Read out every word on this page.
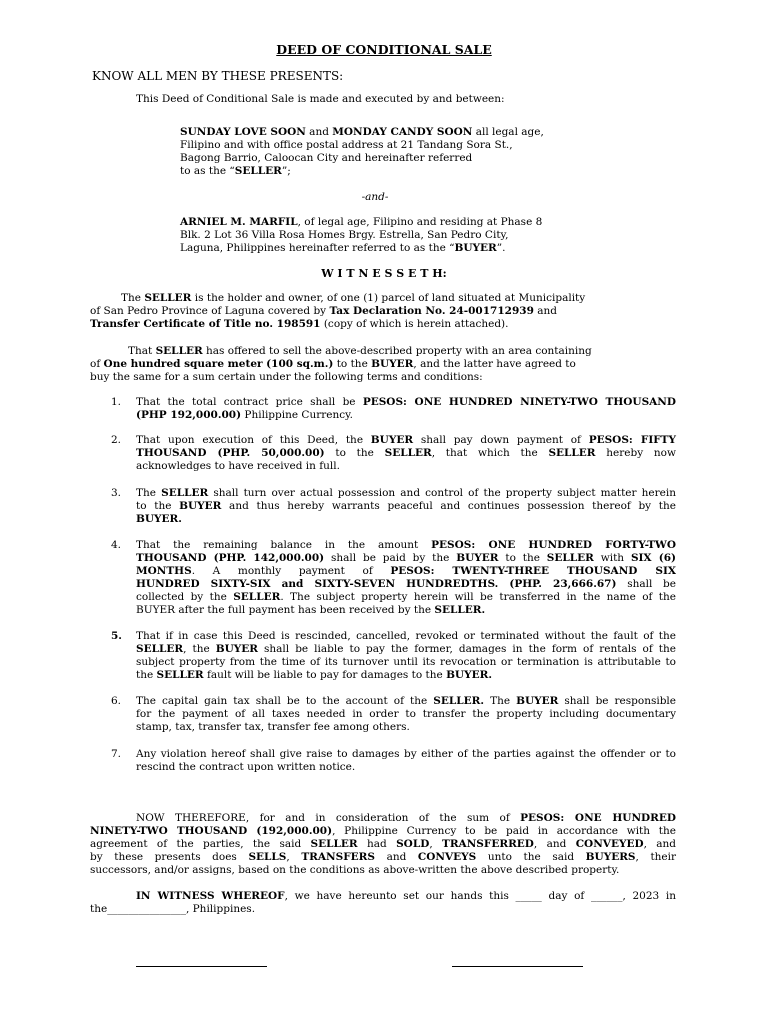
DEED OF CONDITIONAL SALE
KNOW ALL MEN BY THESE PRESENTS:
This Deed of Conditional Sale is made and executed by and between:
SUNDAY LOVE SOON and MONDAY CANDY SOON all legal age,
Filipino and with office postal address at 21 Tandang Sora St.,
Bagong Barrio, Caloocan City and hereinafter referred
to as the “SELLER”;
-and-
ARNIEL M. MARFIL, of legal age, Filipino and residing at Phase 8
Blk. 2 Lot 36 Villa Rosa Homes Brgy. Estrella, San Pedro City,
Laguna, Philippines hereinafter referred to as the “BUYER”.
W I T N E S S E T H:
The SELLER is the holder and owner, of one (1) parcel of land situated at Municipality
of San Pedro Province of Laguna covered by Tax Declaration No. 24-001712939 and
Transfer Certificate of Title no. 198591 (copy of which is herein attached).
That SELLER has offered to sell the above-described property with an area containing
of One hundred square meter (100 sq.m.) to the BUYER, and the latter have agreed to
buy the same for a sum certain under the following terms and conditions:
1. That the total contract price shall be PESOS: ONE HUNDRED NINETY-TWO THOUSAND
(PHP 192,000.00) Philippine Currency.
2. That upon execution of this Deed, the BUYER shall pay down payment of PESOS: FIFTY
THOUSAND (PHP. 50,000.00) to the SELLER, that which the SELLER hereby now
acknowledges to have received in full.
3. The SELLER shall turn over actual possession and control of the property subject matter herein
to the BUYER and thus hereby warrants peaceful and continues possession thereof by the
BUYER.
4. That the remaining balance in the amount PESOS: ONE HUNDRED FORTY-TWO
THOUSAND (PHP. 142,000.00) shall be paid by the BUYER to the SELLER with SIX (6)
MONTHS. A monthly payment of PESOS: TWENTY-THREE THOUSAND SIX
HUNDRED SIXTY-SIX and SIXTY-SEVEN HUNDREDTHS. (PHP. 23,666.67) shall be
collected by the SELLER. The subject property herein will be transferred in the name of the
BUYER after the full payment has been received by the SELLER.
5. That if in case this Deed is rescinded, cancelled, revoked or terminated without the fault of the
SELLER, the BUYER shall be liable to pay the former, damages in the form of rentals of the
subject property from the time of its turnover until its revocation or termination is attributable to
the SELLER fault will be liable to pay for damages to the BUYER.
6. The capital gain tax shall be to the account of the SELLER. The BUYER shall be responsible
for the payment of all taxes needed in order to transfer the property including documentary
stamp, tax, transfer tax, transfer fee among others.
7. Any violation hereof shall give raise to damages by either of the parties against the offender or to
rescind the contract upon written notice.
NOW THEREFORE, for and in consideration of the sum of PESOS: ONE HUNDRED
NINETY-TWO THOUSAND (192,000.00), Philippine Currency to be paid in accordance with the
agreement of the parties, the said SELLER had SOLD, TRANSFERRED, and CONVEYED, and
by these presents does SELLS, TRANSFERS and CONVEYS unto the said BUYERS, their
successors, and/or assigns, based on the conditions as above-written the above described property.
IN WITNESS WHEREOF, we have hereunto set our hands this _____ day of ______, 2023 in
the_______________, Philippines.
